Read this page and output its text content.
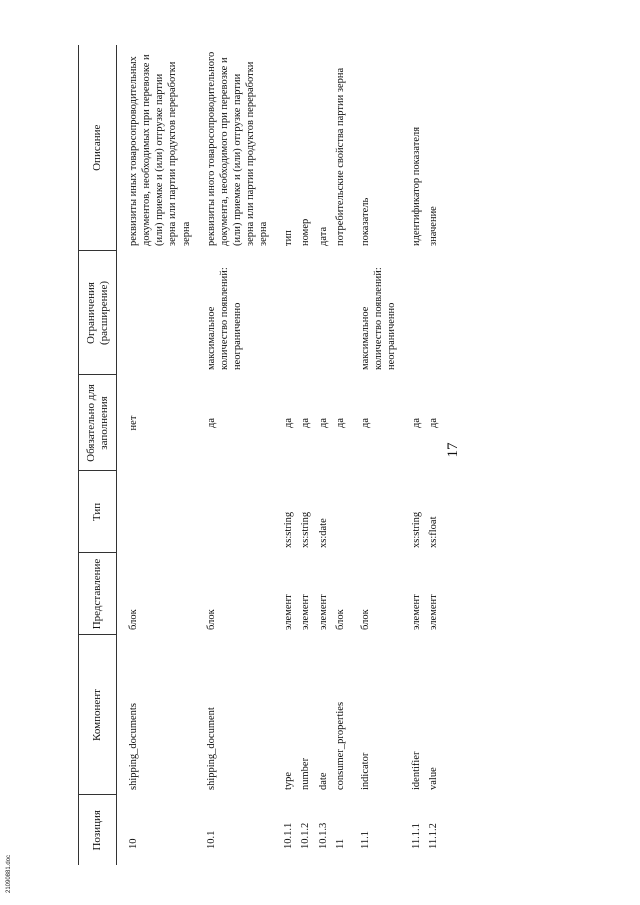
17
Позиция	Компонент	Представление	Тип	Обязательно для заполнения	Ограничения (расширение)	Описание
10	shipping_documents	блок		нет		реквизиты иных товаросопроводительных документов, необходимых при перевозке и (или) приемке и (или) отгрузке партии зерна или партии продуктов переработки зерна
10.1	shipping_document	блок		да	максимальное количество появлений: неограниченно	реквизиты иного товаросопроводительного документа, необходимого при перевозке и (или) приемке и (или) отгрузке партии зерна или партии продуктов переработки зерна
10.1.1	type	элемент	xs:string	да		тип
10.1.2	number	элемент	xs:string	да		номер
10.1.3	date	элемент	xs:date	да		дата
11	consumer_properties	блок		да		потребительские свойства партии зерна
11.1	indicator	блок		да	максимальное количество появлений: неограниченно	показатель
11.1.1	identifier	элемент	xs:string	да		идентификатор показателя
11.1.2	value	элемент	xs:float	да		значение
21090881.doc
